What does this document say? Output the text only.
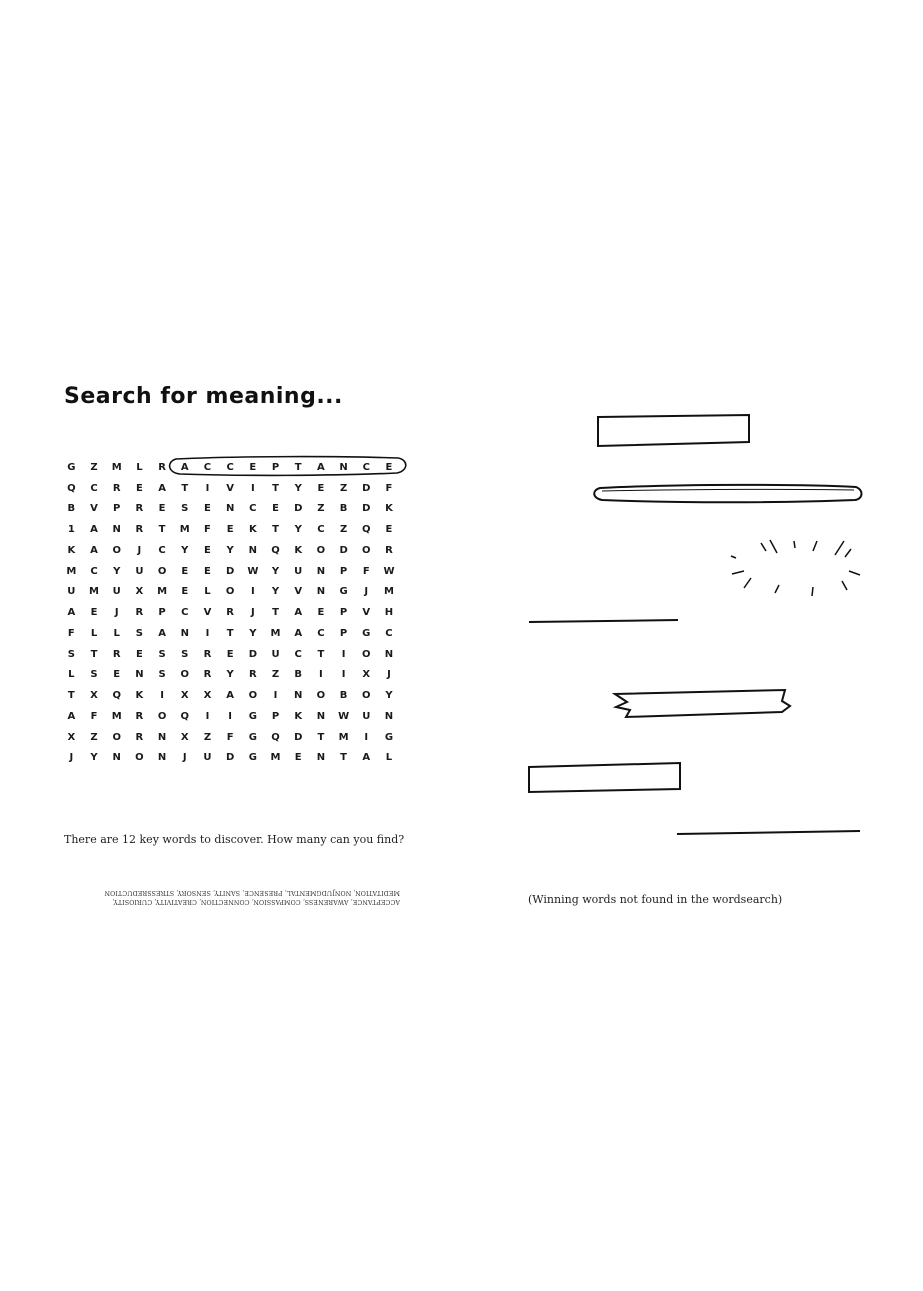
Search for meaning...
G	Z	M	L	R	A	C	C	E	P	T	A	N	C	E
Q	C	R	E	A	T	I	V	I	T	Y	E	Z	D	F
B	V	P	R	E	S	E	N	C	E	D	Z	B	D	K
1	A	N	R	T	M	F	E	K	T	Y	C	Z	Q	E
K	A	O	J	C	Y	E	Y	N	Q	K	O	D	O	R
M	C	Y	U	O	E	E	D	W	Y	U	N	P	F	W
U	M	U	X	M	E	L	O	I	Y	V	N	G	J	M
A	E	J	R	P	C	V	R	J	T	A	E	P	V	H
F	L	L	S	A	N	I	T	Y	M	A	C	P	G	C
S	T	R	E	S	S	R	E	D	U	C	T	I	O	N
L	S	E	N	S	O	R	Y	R	Z	B	I	I	X	J
T	X	Q	K	I	X	X	A	O	I	N	O	B	O	Y
A	F	M	R	O	Q	I	I	G	P	K	N	W	U	N
X	Z	O	R	N	X	Z	F	G	Q	D	T	M	I	G
J	Y	N	O	N	J	U	D	G	M	E	N	T	A	L
There are 12 key words to discover. How many can you find?
ACCEPTANCE, AWARENESS, COMPASSION, CONNECTION, CREATIVITY, CURIOSITY, MEDITATION, NONJUDGMENTAL, PRESENCE, SANITY, SENSORY, STRESSREDUCTION
(Winning words not found in the wordsearch)
